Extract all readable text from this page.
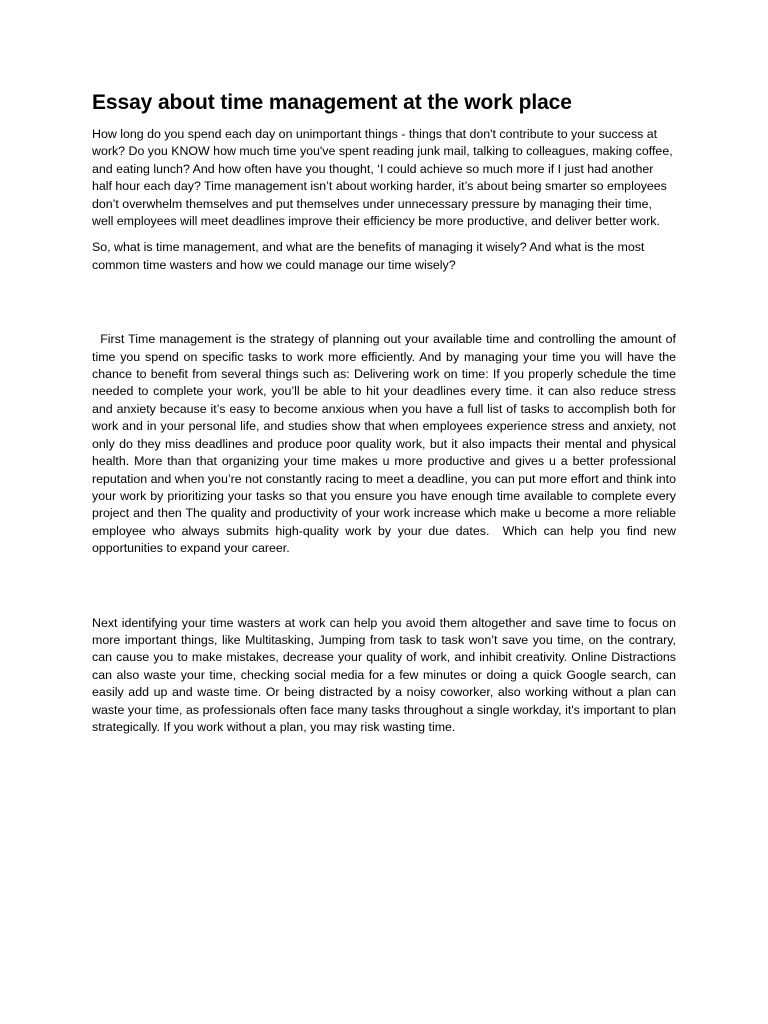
Essay about time management at the work place

How long do you spend each day on unimportant things - things that don't contribute to your success at work? Do you KNOW how much time you've spent reading junk mail, talking to colleagues, making coffee, and eating lunch? And how often have you thought, ‘I could achieve so much more if I just had another half hour each day? Time management isn’t about working harder, it’s about being smarter so employees don’t overwhelm themselves and put themselves under unnecessary pressure by managing their time, well employees will meet deadlines improve their efficiency be more productive, and deliver better work.

So, what is time management, and what are the benefits of managing it wisely? And what is the most common time wasters and how we could manage our time wisely?

First Time management is the strategy of planning out your available time and controlling the amount of time you spend on specific tasks to work more efficiently. And by managing your time you will have the chance to benefit from several things such as: Delivering work on time: If you properly schedule the time needed to complete your work, you’ll be able to hit your deadlines every time. it can also reduce stress and anxiety because it’s easy to become anxious when you have a full list of tasks to accomplish both for work and in your personal life, and studies show that when employees experience stress and anxiety, not only do they miss deadlines and produce poor quality work, but it also impacts their mental and physical health. More than that organizing your time makes u more productive and gives u a better professional reputation and when you’re not constantly racing to meet a deadline, you can put more effort and think into your work by prioritizing your tasks so that you ensure you have enough time available to complete every project and then The quality and productivity of your work increase which make u become a more reliable employee who always submits high-quality work by your due dates.  Which can help you find new opportunities to expand your career.

Next identifying your time wasters at work can help you avoid them altogether and save time to focus on more important things, like Multitasking, Jumping from task to task won’t save you time, on the contrary, can cause you to make mistakes, decrease your quality of work, and inhibit creativity. Online Distractions can also waste your time, checking social media for a few minutes or doing a quick Google search, can easily add up and waste time. Or being distracted by a noisy coworker, also working without a plan can waste your time, as professionals often face many tasks throughout a single workday, it's important to plan strategically. If you work without a plan, you may risk wasting time.
